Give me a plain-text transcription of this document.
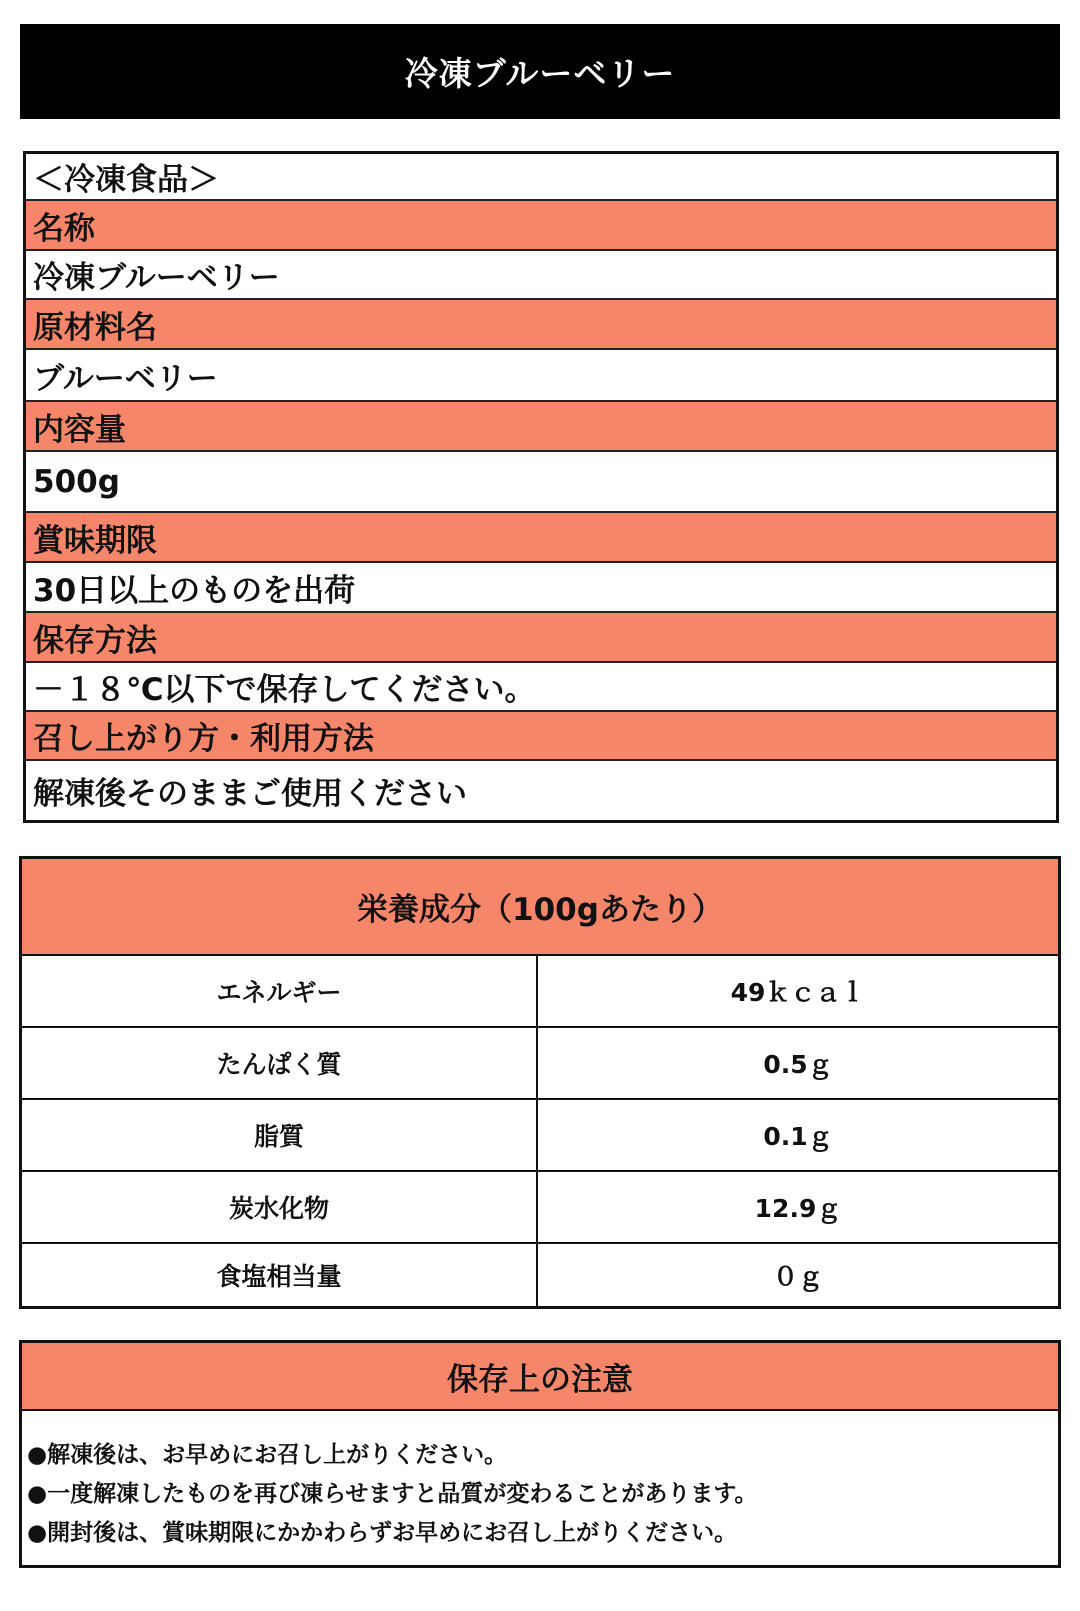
冷凍ブルーベリー
＜冷凍食品＞
名称
冷凍ブルーベリー
原材料名
ブルーベリー
内容量
500g
賞味期限
30日以上のものを出荷
保存方法
－１８℃以下で保存してください。
召し上がり方・利用方法
解凍後そのままご使用ください
栄養成分（100gあたり）
エネルギー	49ｋｃａｌ
たんぱく質	0.5ｇ
脂質	0.1ｇ
炭水化物	12.9ｇ
食塩相当量	０ｇ
保存上の注意
●解凍後は、お早めにお召し上がりください。
●一度解凍したものを再び凍らせますと品質が変わることがあります。
●開封後は、賞味期限にかかわらずお早めにお召し上がりください。
